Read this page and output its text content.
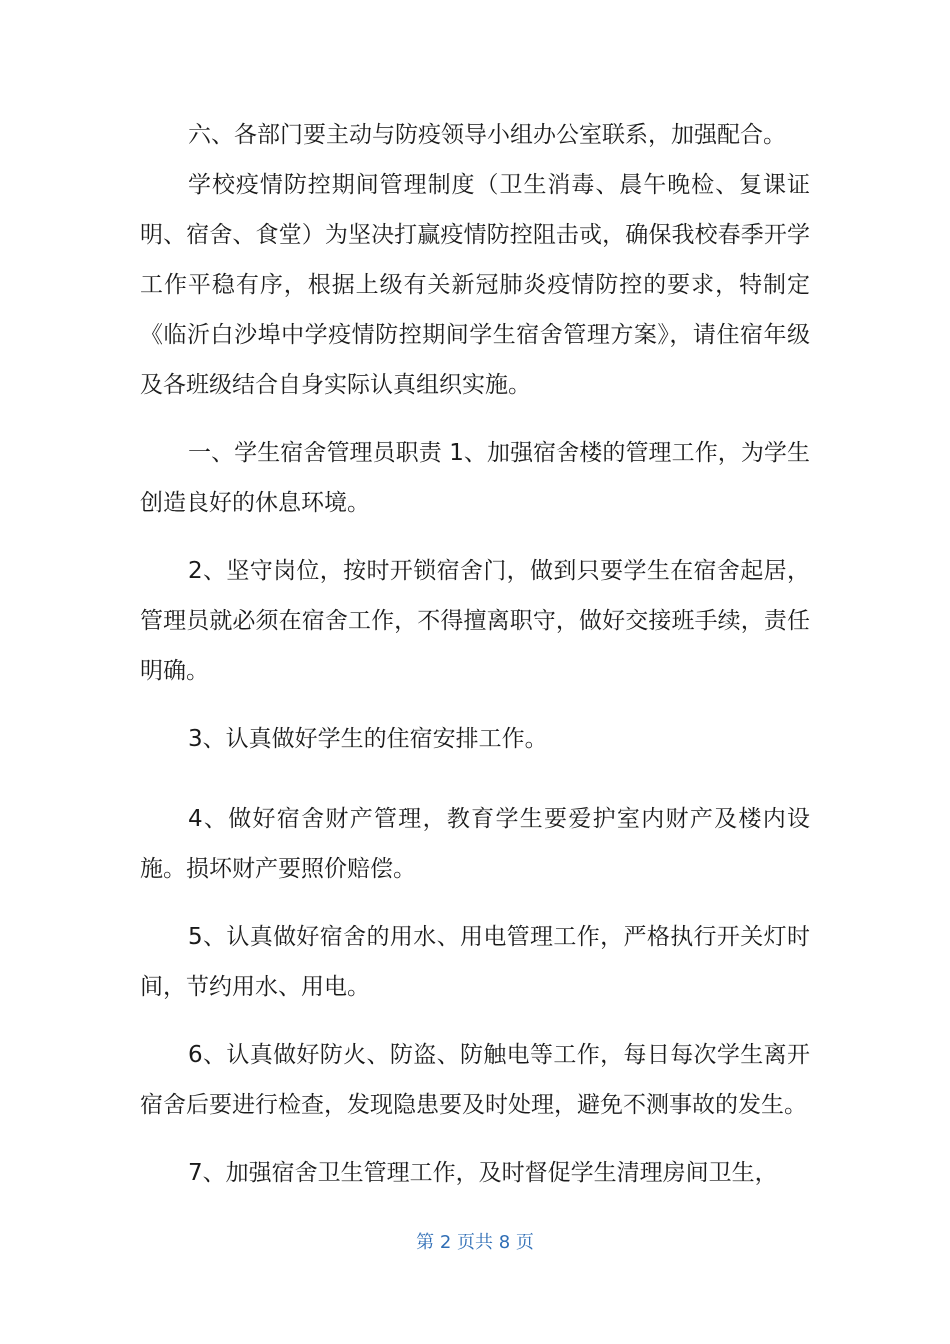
六、各部门要主动与防疫领导小组办公室联系，加强配合。

学校疫情防控期间管理制度（卫生消毒、晨午晚检、复课证明、宿舍、食堂）为坚决打赢疫情防控阻击戓，确保我校春季开学工作平稳有序，根据上级有关新冠肺炎疫情防控的要求，特制定《临沂白沙埠中学疫情防控期间学生宿舍管理方案》，请住宿年级及各班级结合自身实际认真组织实施。

一、学生宿舍管理员职责 1、加强宿舍楼的管理工作，为学生创造良好的休息环境。

2、坚守岗位，按时开锁宿舍门，做到只要学生在宿舍起居，管理员就必须在宿舍工作，不得擅离职守，做好交接班手续，责任明确。

3、认真做好学生的住宿安排工作。

4、做好宿舍财产管理，教育学生要爱护室内财产及楼内设施。损坏财产要照价赔偿。

5、认真做好宿舍的用水、用电管理工作，严格执行开关灯时间，节约用水、用电。

6、认真做好防火、防盗、防触电等工作，每日每次学生离开宿舍后要进行检查，发现隐患要及时处理，避免不测事故的发生。

7、加强宿舍卫生管理工作，及时督促学生清理房间卫生，

第 2 页共 8 页
